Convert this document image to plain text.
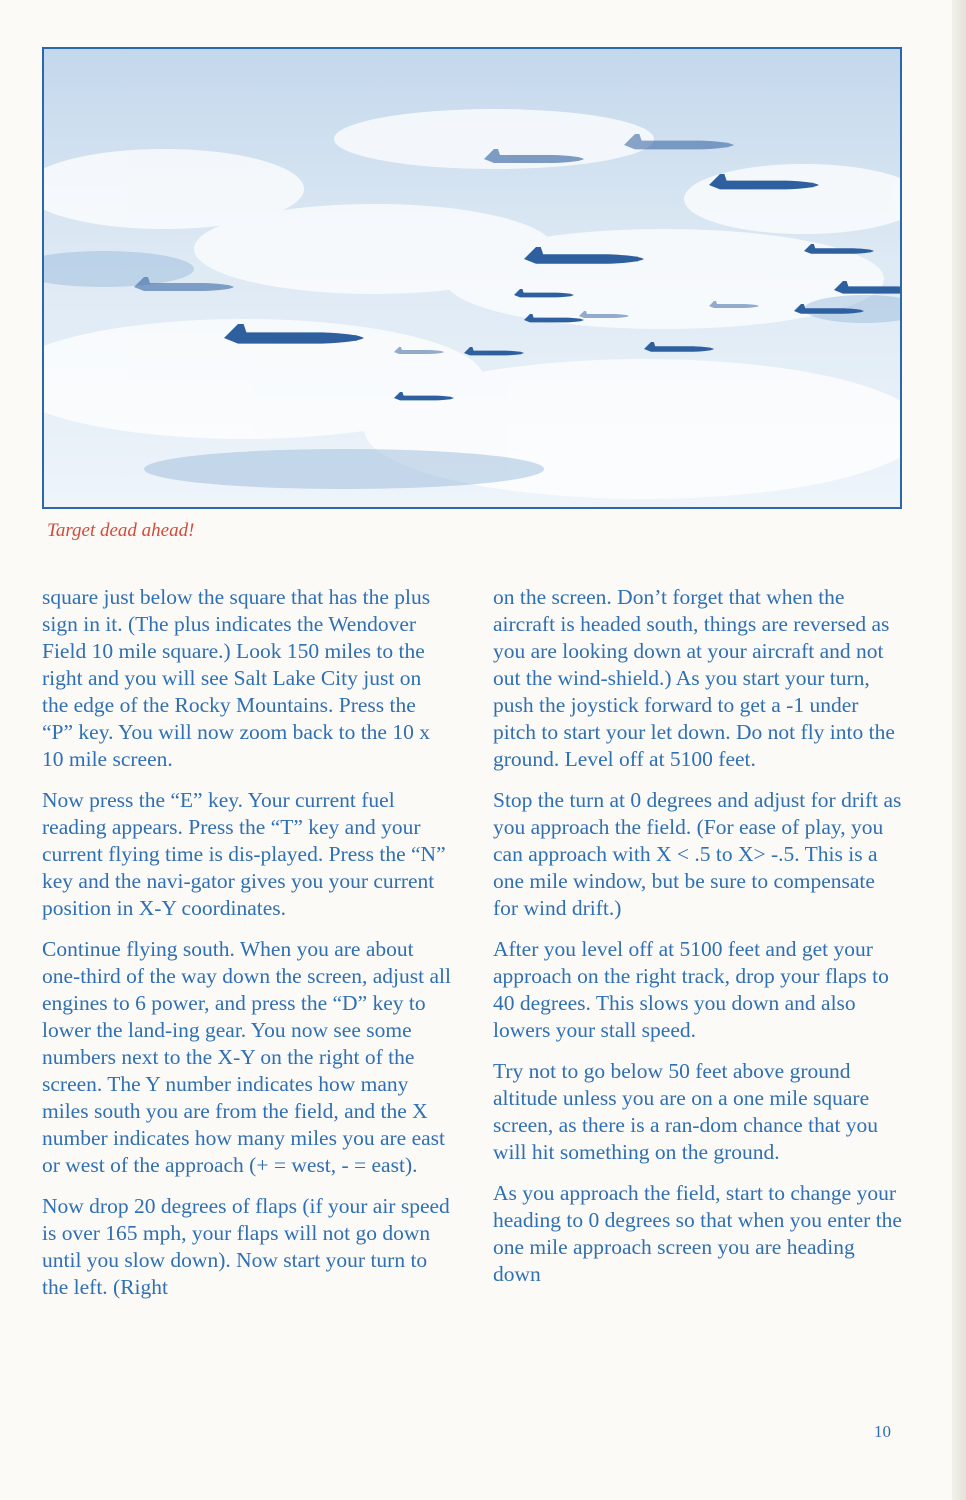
Target dead ahead!

square just below the square that has the plus sign in it. (The plus indicates the Wendover Field 10 mile square.) Look 150 miles to the right and you will see Salt Lake City just on the edge of the Rocky Mountains. Press the “P” key. You will now zoom back to the 10 x 10 mile screen.

Now press the “E” key. Your current fuel reading appears. Press the “T” key and your current flying time is dis-played. Press the “N” key and the navi-gator gives you your current position in X-Y coordinates.

Continue flying south. When you are about one-third of the way down the screen, adjust all engines to 6 power, and press the “D” key to lower the land-ing gear. You now see some numbers next to the X-Y on the right of the screen. The Y number indicates how many miles south you are from the field, and the X number indicates how many miles you are east or west of the approach (+ = west, - = east).

Now drop 20 degrees of flaps (if your air speed is over 165 mph, your flaps will not go down until you slow down). Now start your turn to the left. (Right

on the screen. Don’t forget that when the aircraft is headed south, things are reversed as you are looking down at your aircraft and not out the wind-shield.) As you start your turn, push the joystick forward to get a -1 under pitch to start your let down. Do not fly into the ground. Level off at 5100 feet.

Stop the turn at 0 degrees and adjust for drift as you approach the field. (For ease of play, you can approach with X < .5 to X> -.5. This is a one mile window, but be sure to compensate for wind drift.)

After you level off at 5100 feet and get your approach on the right track, drop your flaps to 40 degrees. This slows you down and also lowers your stall speed.

Try not to go below 50 feet above ground altitude unless you are on a one mile square screen, as there is a ran-dom chance that you will hit something on the ground.

As you approach the field, start to change your heading to 0 degrees so that when you enter the one mile approach screen you are heading down

10
